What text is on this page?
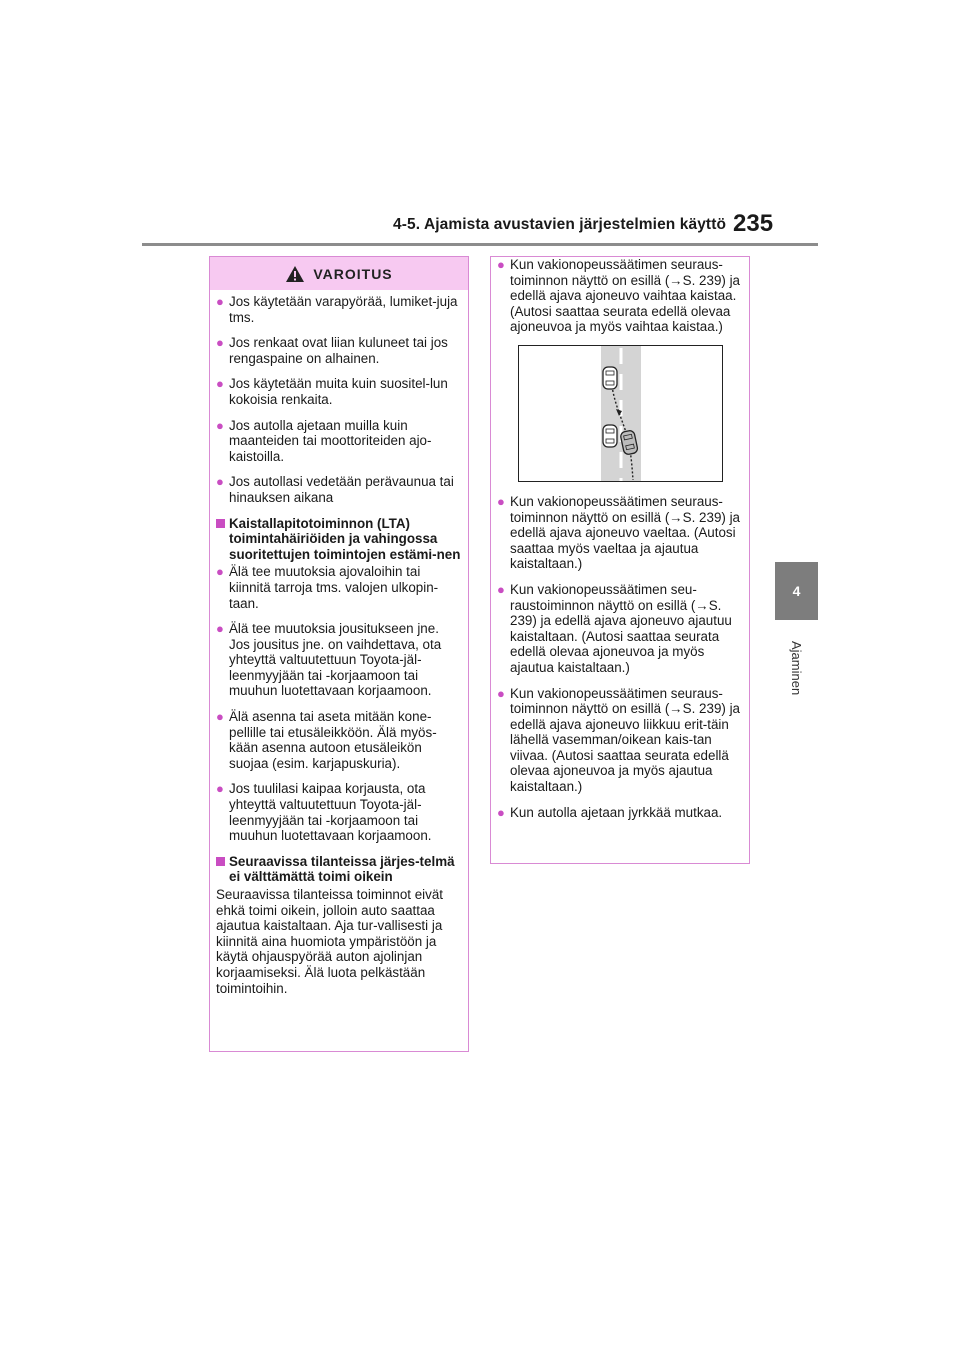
4-5. Ajamista avustavien järjestelmien käyttö 235
4
Ajaminen
VAROITUS
● Jos käytetään varapyörää, lumiket-juja tms.
● Jos renkaat ovat liian kuluneet tai jos rengaspaine on alhainen.
● Jos käytetään muita kuin suositel-lun kokoisia renkaita.
● Jos autolla ajetaan muilla kuin maanteiden tai moottoriteiden ajo-kaistoilla.
● Jos autollasi vedetään perävaunua tai hinauksen aikana
Kaistallapitotoiminnon (LTA) toimintahäiriöiden ja vahingossa suoritettujen toimintojen estämi-nen
● Älä tee muutoksia ajovaloihin tai kiinnitä tarroja tms. valojen ulkopin-taan.
● Älä tee muutoksia jousitukseen jne. Jos jousitus jne. on vaihdettava, ota yhteyttä valtuutettuun Toyota-jäl-leenmyyjään tai -korjaamoon tai muuhun luotettavaan korjaamoon.
● Älä asenna tai aseta mitään kone-pellille tai etusäleikköön. Älä myös-kään asenna autoon etusäleikön suojaa (esim. karjapuskuria).
● Jos tuulilasi kaipaa korjausta, ota yhteyttä valtuutettuun Toyota-jäl-leenmyyjään tai -korjaamoon tai muuhun luotettavaan korjaamoon.
Seuraavissa tilanteissa järjes-telmä ei välttämättä toimi oikein
Seuraavissa tilanteissa toiminnot eivät ehkä toimi oikein, jolloin auto saattaa ajautua kaistaltaan. Aja tur-vallisesti ja kiinnitä aina huomiota ympäristöön ja käytä ohjauspyörää auton ajolinjan korjaamiseksi. Älä luota pelkästään toimintoihin.
● Kun vakionopeussäätimen seuraus-toiminnon näyttö on esillä (→S. 239) ja edellä ajava ajoneuvo vaihtaa kaistaa. (Autosi saattaa seurata edellä olevaa ajoneuvoa ja myös vaihtaa kaistaa.)
● Kun vakionopeussäätimen seuraus-toiminnon näyttö on esillä (→S. 239) ja edellä ajava ajoneuvo vaeltaa. (Autosi saattaa myös vaeltaa ja ajautua kaistaltaan.)
● Kun vakionopeussäätimen seu-raustoiminnon näyttö on esillä (→S. 239) ja edellä ajava ajoneuvo ajautuu kaistaltaan. (Autosi saattaa seurata edellä olevaa ajoneuvoa ja myös ajautua kaistaltaan.)
● Kun vakionopeussäätimen seuraus-toiminnon näyttö on esillä (→S. 239) ja edellä ajava ajoneuvo liikkuu erit-täin lähellä vasemman/oikean kais-tan viivaa. (Autosi saattaa seurata edellä olevaa ajoneuvoa ja myös ajautua kaistaltaan.)
● Kun autolla ajetaan jyrkkää mutkaa.
